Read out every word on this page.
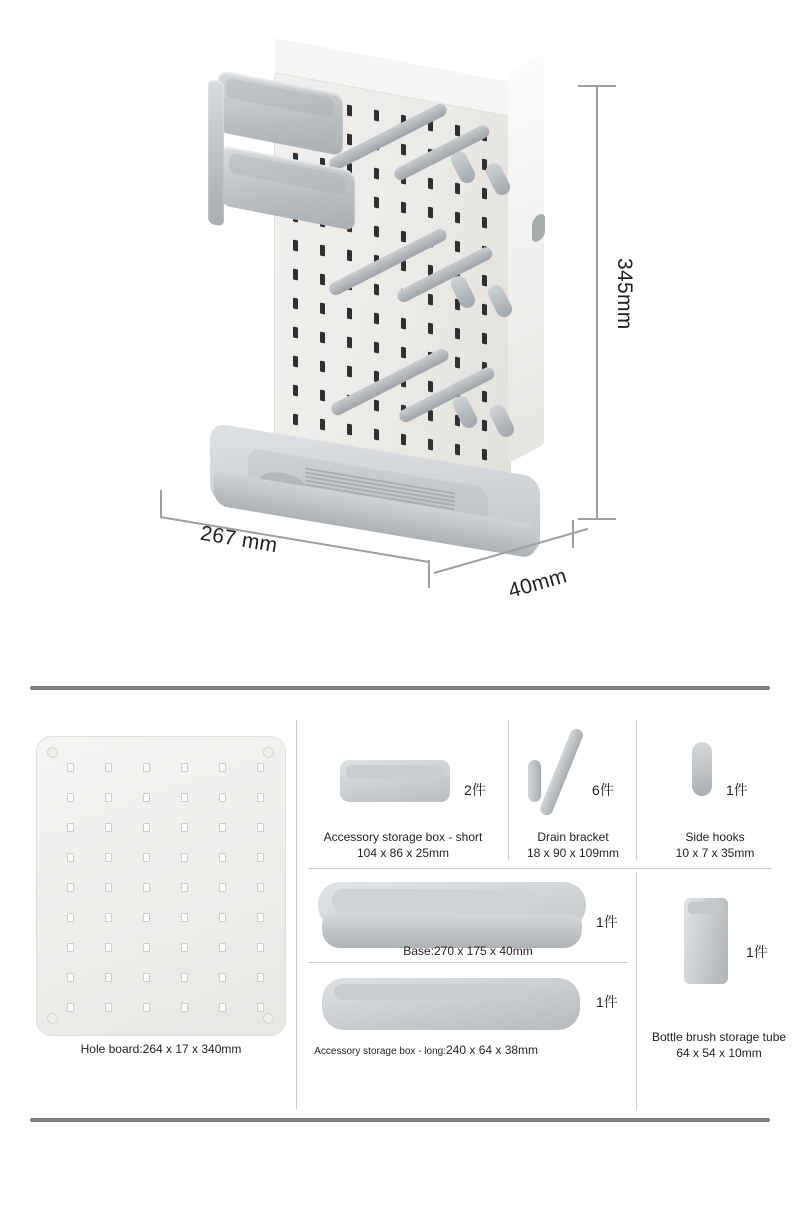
345mm
267 mm
40mm
Hole board:264 x 17 x 340mm
2件
Accessory storage box - short
104 x 86 x 25mm
6件
Drain bracket
18 x 90 x 109mm
1件
Side hooks
10 x 7 x 35mm
1件
Base:270 x 175 x 40mm
1件
Accessory storage box - long: 240 x 64 x 38mm
1件
Bottle brush storage tube
64 x 54 x 10mm
